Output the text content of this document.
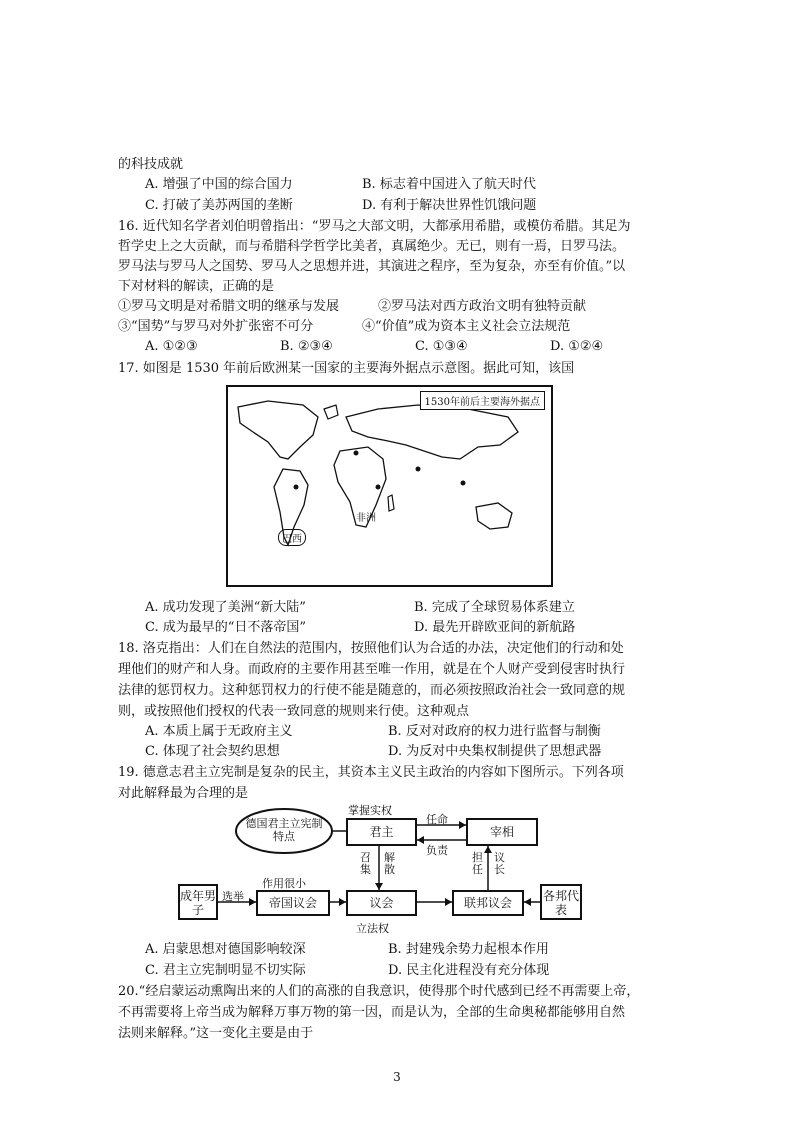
的科技成就
A. 增强了中国的综合国力	B. 标志着中国进入了航天时代
C. 打破了美苏两国的垄断	D. 有利于解决世界性饥饿问题
16. 近代知名学者刘伯明曾指出：“罗马之大部文明，大都承用希腊，或模仿希腊。其足为
哲学史上之大贡献，而与希腊科学哲学比美者，真属绝少。无已，则有一焉，日罗马法。
罗马法与罗马人之国势、罗马人之思想并进，其演进之程序，至为复杂，亦至有价值。”以
下对材料的解读，正确的是
①罗马文明是对希腊文明的继承与发展	②罗马法对西方政治文明有独特贡献
③“国势”与罗马对外扩张密不可分	④“价值”成为资本主义社会立法规范
A. ①②③	B. ②③④	C. ①③④	D. ①②④
17. 如图是 1530 年前后欧洲某一国家的主要海外据点示意图。据此可知，该国
1530年前后主要海外据点
非洲
巴西
A. 成功发现了美洲“新大陆”	B. 完成了全球贸易体系建立
C. 成为最早的“日不落帝国”	D. 最先开辟欧亚间的新航路
18. 洛克指出：人们在自然法的范围内，按照他们认为合适的办法，决定他们的行动和处
理他们的财产和人身。而政府的主要作用甚至唯一作用，就是在个人财产受到侵害时执行
法律的惩罚权力。这种惩罚权力的行使不能是随意的，而必须按照政治社会一致同意的规
则，或按照他们授权的代表一致同意的规则来行使。这种观点
A. 本质上属于无政府主义	B. 反对对政府的权力进行监督与制衡
C. 体现了社会契约思想	D. 为反对中央集权制提供了思想武器
19. 德意志君主立宪制是复杂的民主，其资本主义民主政治的内容如下图所示。下列各项
对此解释最为合理的是
德国君主立宪制特点	君主	宰相
议会	联邦议会
帝国议会
成年男子
各邦代表
掌握实权
任命
负责
召集
解散
担任
议长
作用很小
选举
立法权
A. 启蒙思想对德国影响较深	B. 封建残余势力起根本作用
C. 君主立宪制明显不切实际	D. 民主化进程没有充分体现
20.“经启蒙运动熏陶出来的人们的高涨的自我意识，使得那个时代感到已经不再需要上帝，
不再需要将上帝当成为解释万事万物的第一因，而是认为，全部的生命奥秘都能够用自然
法则来解释。”这一变化主要是由于
3
